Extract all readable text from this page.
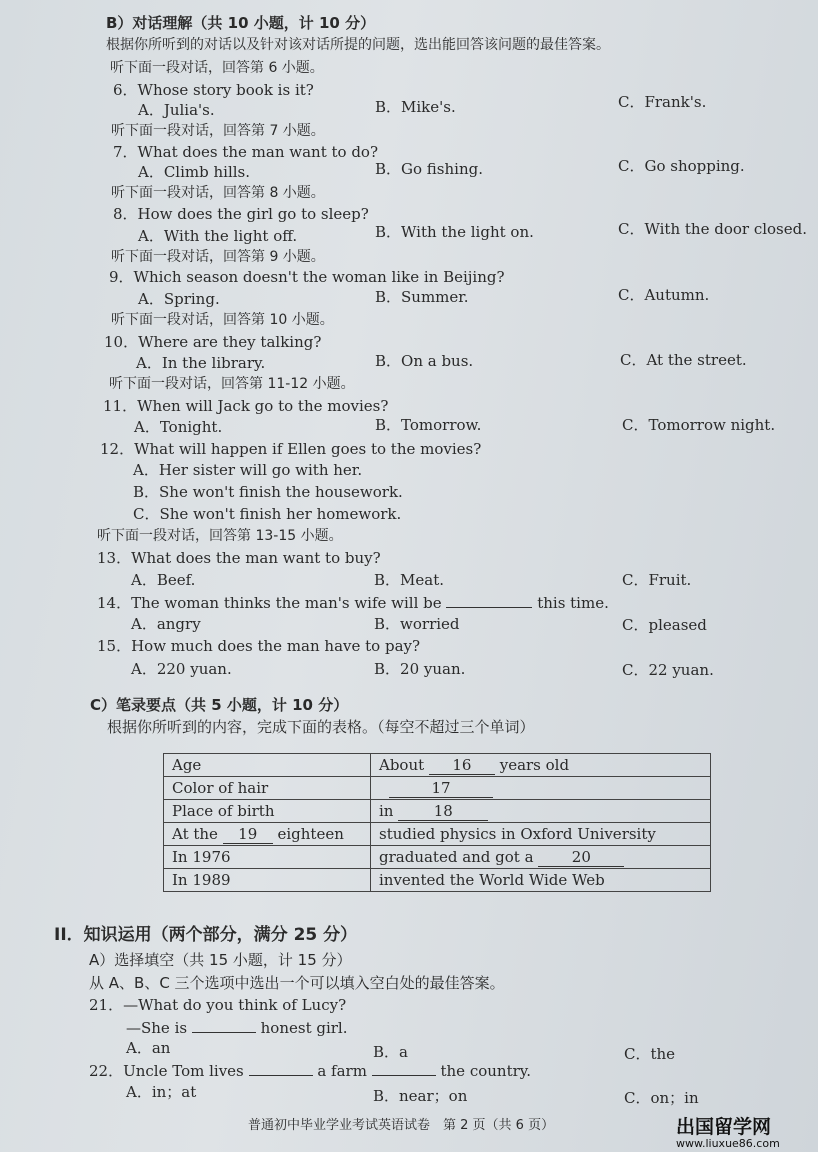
B）对话理解（共 10 小题，计 10 分）
根据你所听到的对话以及针对该对话所提的问题，选出能回答该问题的最佳答案。
听下面一段对话，回答第 6 小题。
6．Whose story book is it?
A．Julia's.	B．Mike's.	C．Frank's.
听下面一段对话，回答第 7 小题。
7．What does the man want to do?
A．Climb hills.	B．Go fishing.	C．Go shopping.
听下面一段对话，回答第 8 小题。
8．How does the girl go to sleep?
A．With the light off.	B．With the light on.	C．With the door closed.
听下面一段对话，回答第 9 小题。
9．Which season doesn't the woman like in Beijing?
A．Spring.	B．Summer.	C．Autumn.
听下面一段对话，回答第 10 小题。
10．Where are they talking?
A．In the library.	B．On a bus.	C．At the street.
听下面一段对话，回答第 11-12 小题。
11．When will Jack go to the movies?
A．Tonight.	B．Tomorrow.	C．Tomorrow night.
12．What will happen if Ellen goes to the movies?
A．Her sister will go with her.
B．She won't finish the housework.
C．She won't finish her homework.
听下面一段对话，回答第 13-15 小题。
13．What does the man want to buy?
A．Beef.	B．Meat.	C．Fruit.
14．The woman thinks the man's wife will be	this time.
A．angry	B．worried	C．pleased
15．How much does the man have to pay?
A．220 yuan.	B．20 yuan.	C．22 yuan.
C）笔录要点（共 5 小题，计 10 分）
根据你所听到的内容，完成下面的表格。（每空不超过三个单词）
Age	About 16 years old
Color of hair	17
Place of birth	in 18
At the 19 eighteen	studied physics in Oxford University
In 1976	graduated and got a 20
In 1989	invented the World Wide Web
II．知识运用（两个部分，满分 25 分）
A）选择填空（共 15 小题，计 15 分）
从 A、B、C 三个选项中选出一个可以填入空白处的最佳答案。
21．—What do you think of Lucy?
—She is	honest girl.
A．an	B．a	C．the
22．Uncle Tom lives	a farm	the country.
A．in；at	B．near；on	C．on；in
普通初中毕业学业考试英语试卷　第 2 页（共 6 页）	出国留学网
www.liuxue86.com
